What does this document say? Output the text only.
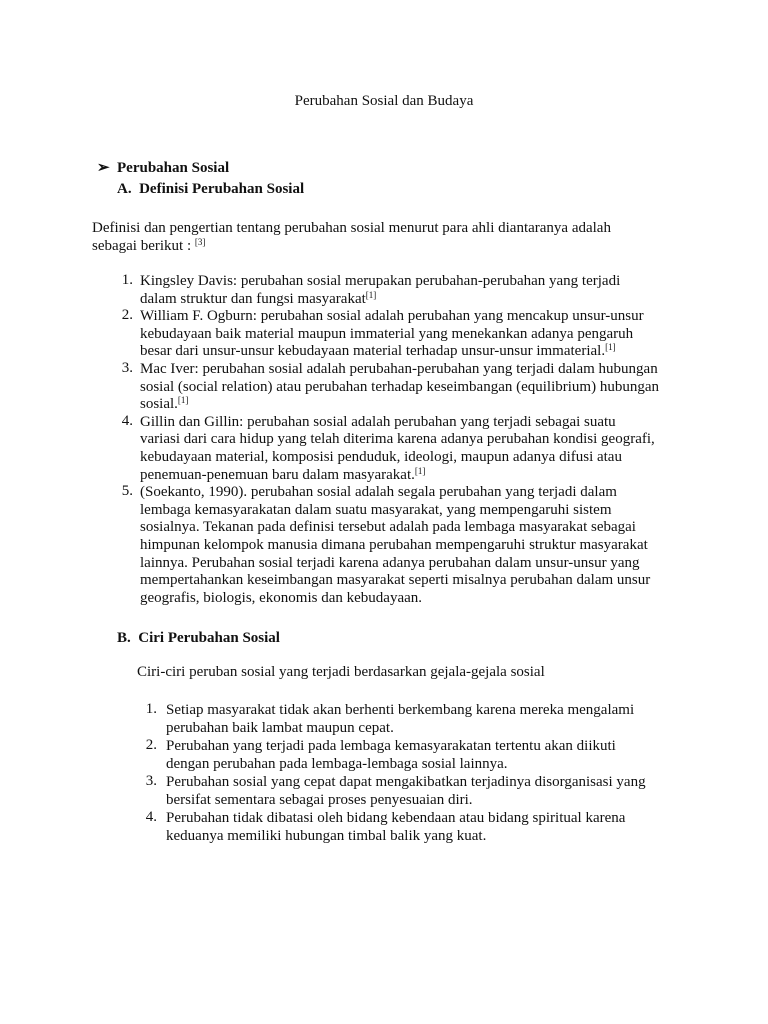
Perubahan Sosial dan Budaya
➢ Perubahan Sosial
A. Definisi Perubahan Sosial
Definisi dan pengertian tentang perubahan sosial menurut para ahli diantaranya adalah
sebagai berikut : [3]
1. Kingsley Davis: perubahan sosial merupakan perubahan-perubahan yang terjadi
dalam struktur dan fungsi masyarakat[1]
2. William F. Ogburn: perubahan sosial adalah perubahan yang mencakup unsur-unsur
kebudayaan baik material maupun immaterial yang menekankan adanya pengaruh
besar dari unsur-unsur kebudayaan material terhadap unsur-unsur immaterial.[1]
3. Mac Iver: perubahan sosial adalah perubahan-perubahan yang terjadi dalam hubungan
sosial (social relation) atau perubahan terhadap keseimbangan (equilibrium) hubungan
sosial.[1]
4. Gillin dan Gillin: perubahan sosial adalah perubahan yang terjadi sebagai suatu
variasi dari cara hidup yang telah diterima karena adanya perubahan kondisi geografi,
kebudayaan material, komposisi penduduk, ideologi, maupun adanya difusi atau
penemuan-penemuan baru dalam masyarakat.[1]
5. (Soekanto, 1990). perubahan sosial adalah segala perubahan yang terjadi dalam
lembaga kemasyarakatan dalam suatu masyarakat, yang mempengaruhi sistem
sosialnya. Tekanan pada definisi tersebut adalah pada lembaga masyarakat sebagai
himpunan kelompok manusia dimana perubahan mempengaruhi struktur masyarakat
lainnya. Perubahan sosial terjadi karena adanya perubahan dalam unsur-unsur yang
mempertahankan keseimbangan masyarakat seperti misalnya perubahan dalam unsur
geografis, biologis, ekonomis dan kebudayaan.
B. Ciri Perubahan Sosial
Ciri-ciri peruban sosial yang terjadi berdasarkan gejala-gejala sosial
1. Setiap masyarakat tidak akan berhenti berkembang karena mereka mengalami
perubahan baik lambat maupun cepat.
2. Perubahan yang terjadi pada lembaga kemasyarakatan tertentu akan diikuti
dengan perubahan pada lembaga-lembaga sosial lainnya.
3. Perubahan sosial yang cepat dapat mengakibatkan terjadinya disorganisasi yang
bersifat sementara sebagai proses penyesuaian diri.
4. Perubahan tidak dibatasi oleh bidang kebendaan atau bidang spiritual karena
keduanya memiliki hubungan timbal balik yang kuat.
